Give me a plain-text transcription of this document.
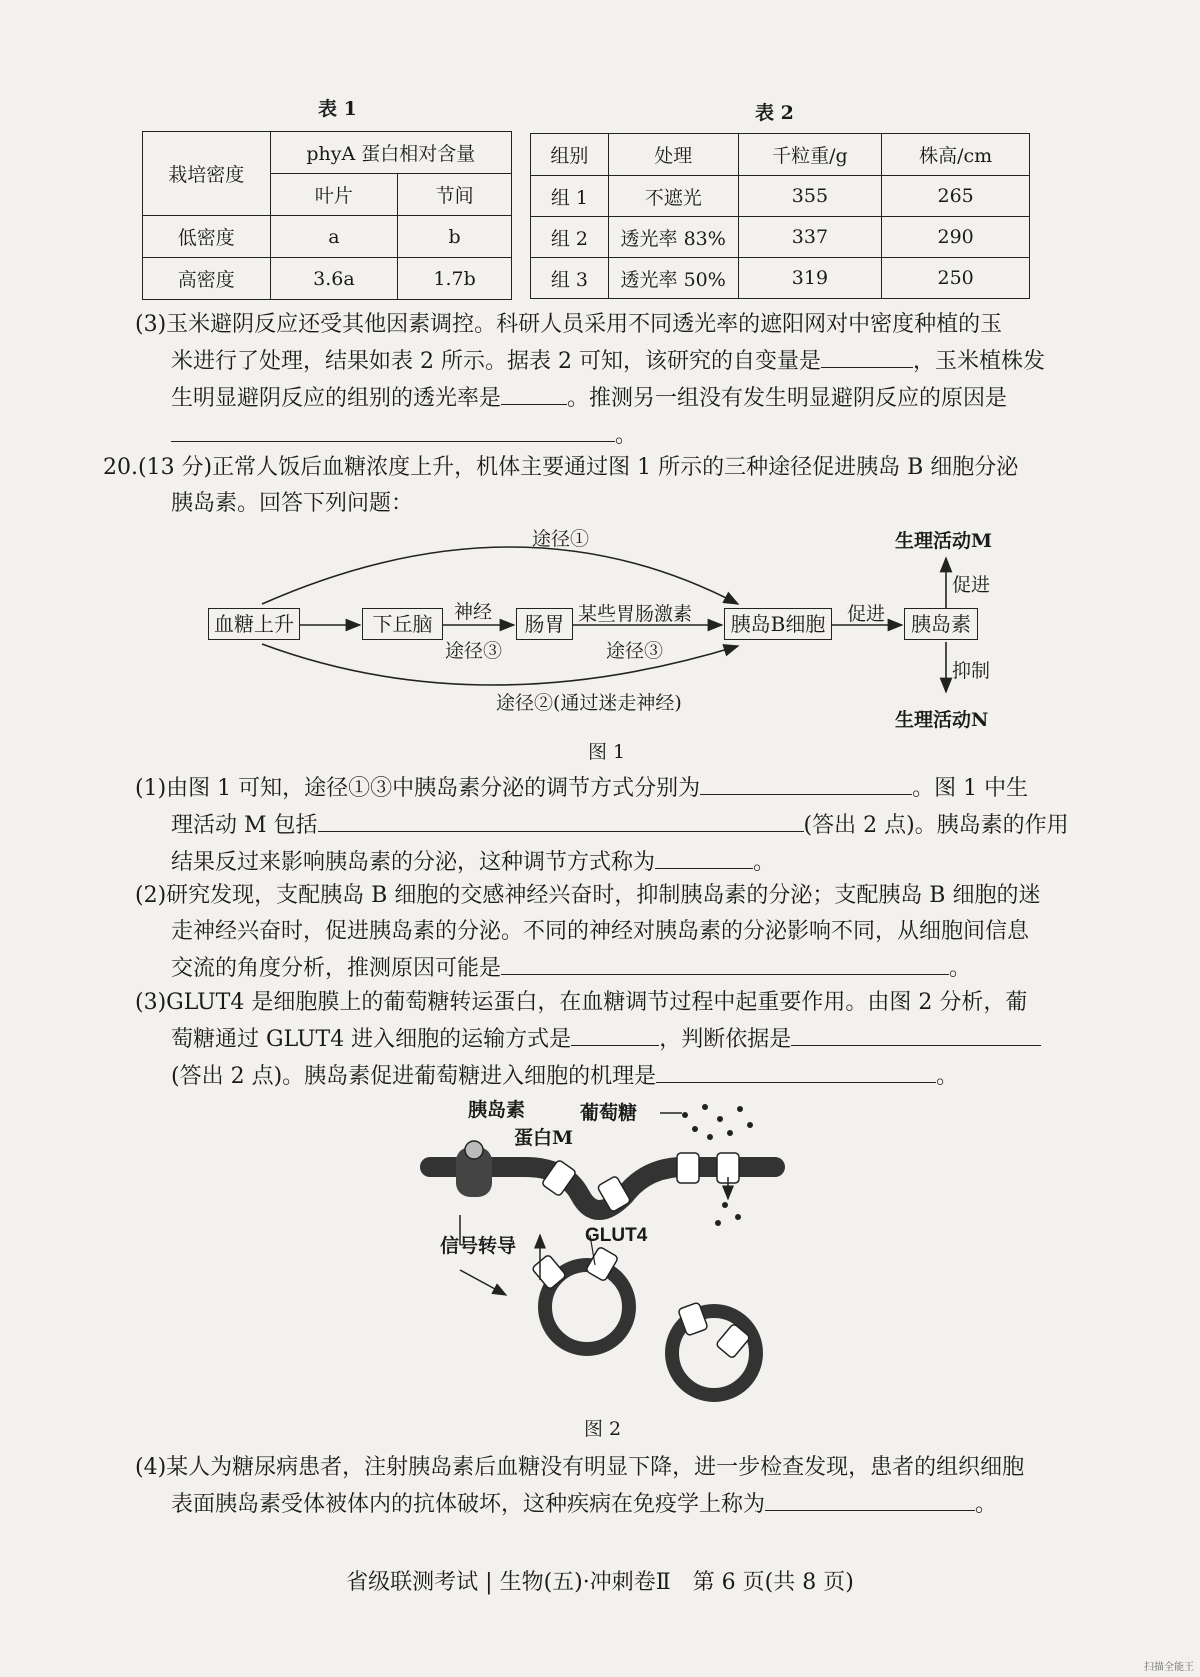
表 1	表 2
栽培密度	phyA 蛋白相对含量	
	叶片	节间
低密度	a	b
高密度	3.6a	1.7b
组别	处理	千粒重/g	株高/cm
组 1	不遮光	355	265
组 2	透光率 83%	337	290
组 3	透光率 50%	319	250
(3)玉米避阴反应还受其他因素调控。科研人员采用不同透光率的遮阳网对中密度种植的玉
米进行了处理，结果如表 2 所示。据表 2 可知，该研究的自变量是	，玉米植株发
生明显避阴反应的组别的透光率是	。推测另一组没有发生明显避阴反应的原因是
。
20.(13 分)正常人饭后血糖浓度上升，机体主要通过图 1 所示的三种途径促进胰岛 B 细胞分泌
胰岛素。回答下列问题：
途径①
血糖上升	下丘脑	肠胃	胰岛B细胞	胰岛素
神经
途径③
某些胃肠激素
途径③
促进
途径②(通过迷走神经)
生理活动M
促进
抑制
生理活动N
图 1
(1)由图 1 可知，途径①③中胰岛素分泌的调节方式分别为	。图 1 中生
理活动 M 包括	(答出 2 点)。胰岛素的作用
结果反过来影响胰岛素的分泌，这种调节方式称为	。
(2)研究发现，支配胰岛 B 细胞的交感神经兴奋时，抑制胰岛素的分泌；支配胰岛 B 细胞的迷
走神经兴奋时，促进胰岛素的分泌。不同的神经对胰岛素的分泌影响不同，从细胞间信息
交流的角度分析，推测原因可能是	。
(3)GLUT4 是细胞膜上的葡萄糖转运蛋白，在血糖调节过程中起重要作用。由图 2 分析，葡
萄糖通过 GLUT4 进入细胞的运输方式是	，判断依据是
(答出 2 点)。胰岛素促进葡萄糖进入细胞的机理是	。
胰岛素
蛋白M
葡萄糖
信号转导	GLUT4
图 2
(4)某人为糖尿病患者，注射胰岛素后血糖没有明显下降，进一步检查发现，患者的组织细胞
表面胰岛素受体被体内的抗体破坏，这种疾病在免疫学上称为	。
省级联测考试 | 生物(五)·冲刺卷Ⅱ　第 6 页(共 8 页)
扫描全能王
